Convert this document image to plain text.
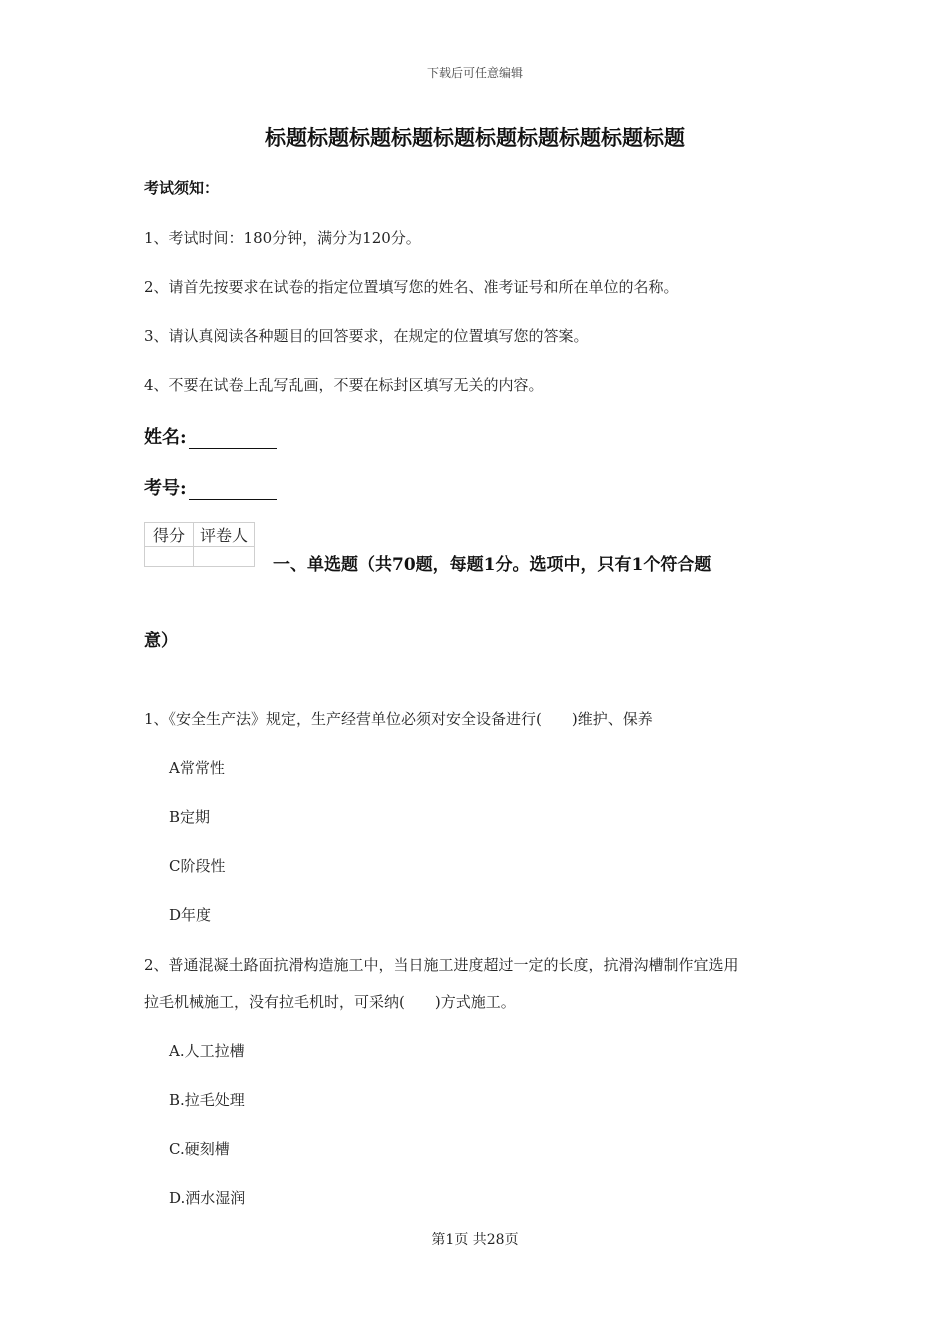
下载后可任意编辑
标题标题标题标题标题标题标题标题标题标题
考试须知：
1、考试时间：180分钟，满分为120分。
2、请首先按要求在试卷的指定位置填写您的姓名、准考证号和所在单位的名称。
3、请认真阅读各种题目的回答要求，在规定的位置填写您的答案。
4、不要在试卷上乱写乱画，不要在标封区填写无关的内容。
姓名:
考号:
得分	评卷人

一、单选题（共70题，每题1分。选项中，只有1个符合题
意）
1、《安全生产法》规定，生产经营单位必须对安全设备进行(　　)维护、保养
A常常性
B定期
C阶段性
D年度
2、普通混凝土路面抗滑构造施工中，当日施工进度超过一定的长度，抗滑沟槽制作宜选用
拉毛机械施工，没有拉毛机时，可采纳(　　)方式施工。
A.人工拉槽
B.拉毛处理
C.硬刻槽
D.洒水湿润
第1页 共28页
